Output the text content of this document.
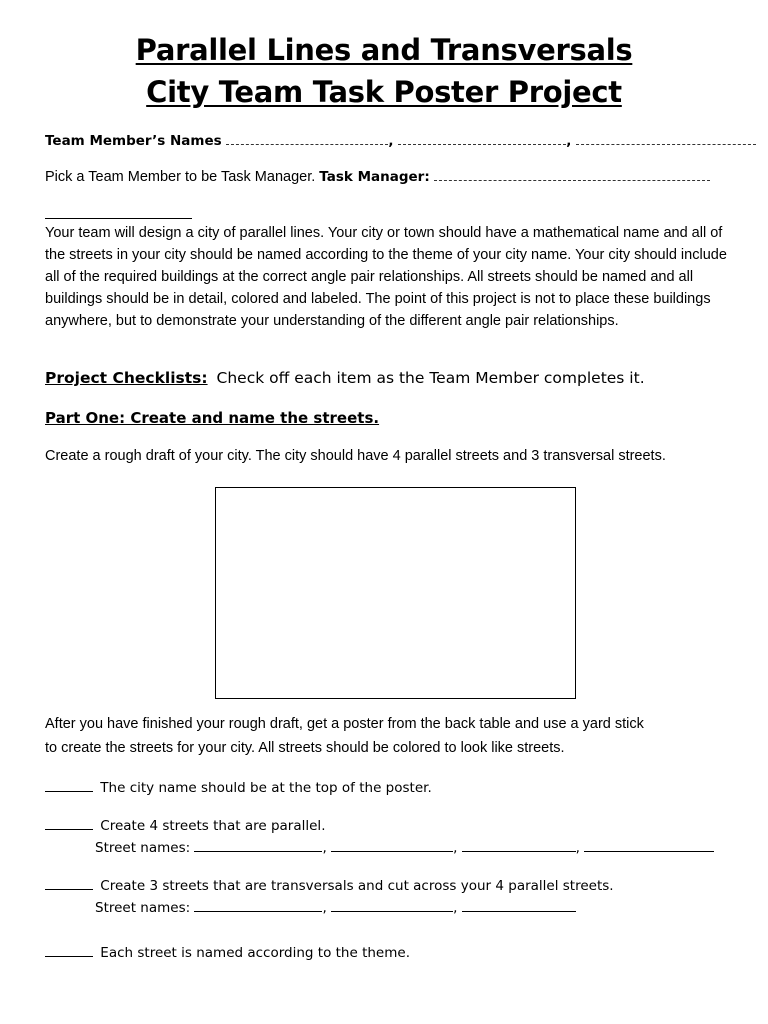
Parallel Lines and Transversals
City Team Task Poster Project
Team Member’s Names	,	,
Pick a Team Member to be Task Manager. Task Manager:
Your team will design a city of parallel lines. Your city or town should have a mathematical name and all of the streets in your city should be named according to the theme of your city name. Your city should include all of the required buildings at the correct angle pair relationships. All streets should be named and all buildings should be in detail, colored and labeled. The point of this project is not to place these buildings anywhere, but to demonstrate your understanding of the different angle pair relationships.
Project Checklists: Check off each item as the Team Member completes it.
Part One: Create and name the streets.
Create a rough draft of your city. The city should have 4 parallel streets and 3 transversal streets.
After you have finished your rough draft, get a poster from the back table and use a yard stick
to create the streets for your city. All streets should be colored to look like streets.
The city name should be at the top of the poster.
Create 4 streets that are parallel.
Street names:	,	,	,
Create 3 streets that are transversals and cut across your 4 parallel streets.
Street names:	,	,
Each street is named according to the theme.
